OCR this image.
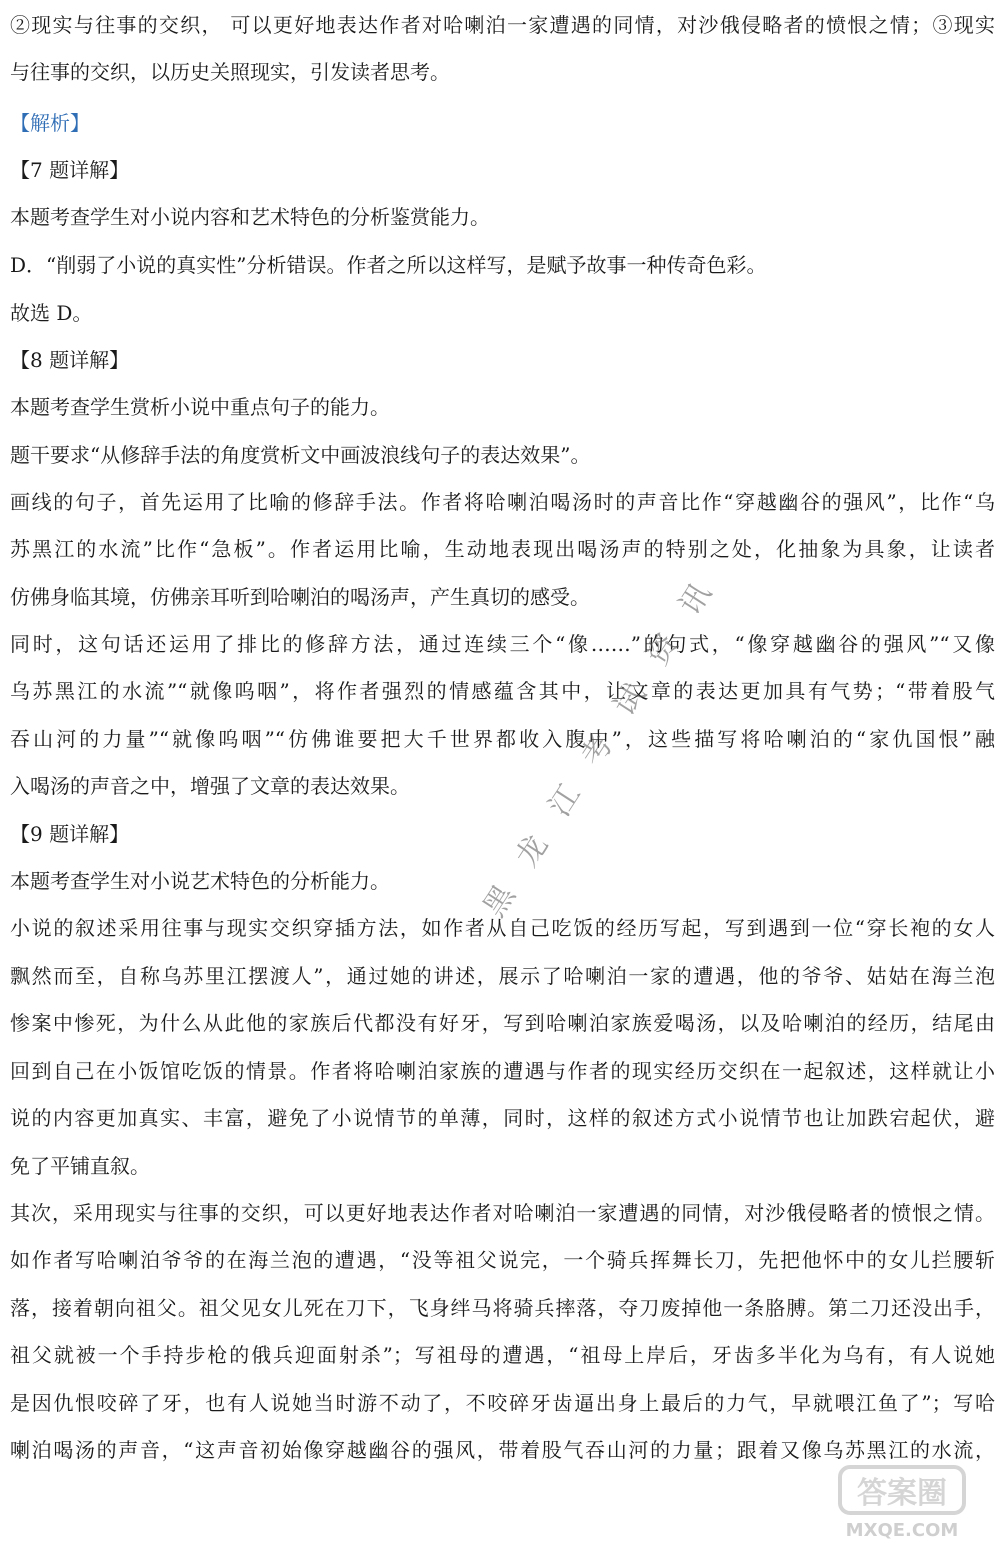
②现实与往事的交织， 可以更好地表达作者对哈喇泊一家遭遇的同情，对沙俄侵略者的愤恨之情；③现实
与往事的交织，以历史关照现实，引发读者思考。
【解析】
【7 题详解】
本题考查学生对小说内容和艺术特色的分析鉴赏能力。
D．“削弱了小说的真实性”分析错误。作者之所以这样写，是赋予故事一种传奇色彩。
故选 D。
【8 题详解】
本题考查学生赏析小说中重点句子的能力。
题干要求“从修辞手法的角度赏析文中画波浪线句子的表达效果”。
画线的句子，首先运用了比喻的修辞手法。作者将哈喇泊喝汤时的声音比作“穿越幽谷的强风”，比作“乌
苏黑江的水流”比作“急板”。作者运用比喻，生动地表现出喝汤声的特别之处，化抽象为具象，让读者
仿佛身临其境，仿佛亲耳听到哈喇泊的喝汤声，产生真切的感受。
同时，这句话还运用了排比的修辞方法，通过连续三个“像……”的句式，“像穿越幽谷的强风”“又像
乌苏黑江的水流”“就像呜咽”，将作者强烈的情感蕴含其中，让文章的表达更加具有气势；“带着股气
吞山河的力量”“就像呜咽”“仿佛谁要把大千世界都收入腹中”，这些描写将哈喇泊的“家仇国恨”融
入喝汤的声音之中，增强了文章的表达效果。
【9 题详解】
本题考查学生对小说艺术特色的分析能力。
小说的叙述采用往事与现实交织穿插方法，如作者从自己吃饭的经历写起，写到遇到一位“穿长袍的女人
飘然而至，自称乌苏里江摆渡人”，通过她的讲述，展示了哈喇泊一家的遭遇，他的爷爷、姑姑在海兰泡
惨案中惨死，为什么从此他的家族后代都没有好牙，写到哈喇泊家族爱喝汤，以及哈喇泊的经历，结尾由
回到自己在小饭馆吃饭的情景。作者将哈喇泊家族的遭遇与作者的现实经历交织在一起叙述，这样就让小
说的内容更加真实、丰富，避免了小说情节的单薄，同时，这样的叙述方式小说情节也让加跌宕起伏，避
免了平铺直叙。
其次，采用现实与往事的交织，可以更好地表达作者对哈喇泊一家遭遇的同情，对沙俄侵略者的愤恨之情。
如作者写哈喇泊爷爷的在海兰泡的遭遇，“没等祖父说完，一个骑兵挥舞长刀，先把他怀中的女儿拦腰斩
落，接着朝向祖父。祖父见女儿死在刀下，飞身绊马将骑兵摔落，夺刀废掉他一条胳膊。第二刀还没出手，
祖父就被一个手持步枪的俄兵迎面射杀”；写祖母的遭遇，“祖母上岸后，牙齿多半化为乌有，有人说她
是因仇恨咬碎了牙，也有人说她当时游不动了，不咬碎牙齿逼出身上最后的力气，早就喂江鱼了”；写哈
喇泊喝汤的声音，“这声音初始像穿越幽谷的强风，带着股气吞山河的力量；跟着又像乌苏黑江的水流，
黑龙江考试资讯
答案圈
MXQE.COM
